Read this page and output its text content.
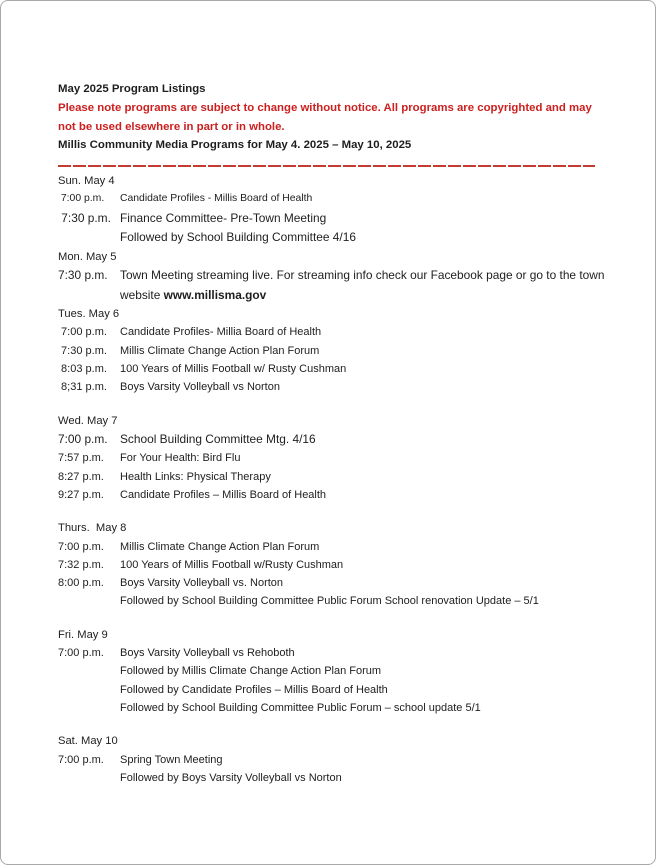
May 2025 Program Listings
Please note programs are subject to change without notice. All programs are copyrighted and may
not be used elsewhere in part or in whole.
Millis Community Media Programs for May 4. 2025 – May 10, 2025
Sun. May 4
7:00 p.m. Candidate Profiles - Millis Board of Health
7:30 p.m. Finance Committee- Pre-Town Meeting
Followed by School Building Committee 4/16
Mon. May 5
7:30 p.m. Town Meeting streaming live. For streaming info check our Facebook page or go to the town
website www.millisma.gov
Tues. May 6
7:00 p.m. Candidate Profiles- Millia Board of Health
7:30 p.m. Millis Climate Change Action Plan Forum
8:03 p.m. 100 Years of Millis Football w/ Rusty Cushman
8;31 p.m. Boys Varsity Volleyball vs Norton
Wed. May 7
7:00 p.m. School Building Committee Mtg. 4/16
7:57 p.m. For Your Health: Bird Flu
8:27 p.m. Health Links: Physical Therapy
9:27 p.m. Candidate Profiles – Millis Board of Health
Thurs.  May 8
7:00 p.m. Millis Climate Change Action Plan Forum
7:32 p.m. 100 Years of Millis Football w/Rusty Cushman
8:00 p.m. Boys Varsity Volleyball vs. Norton
Followed by School Building Committee Public Forum School renovation Update – 5/1
Fri. May 9
7:00 p.m. Boys Varsity Volleyball vs Rehoboth
Followed by Millis Climate Change Action Plan Forum
Followed by Candidate Profiles – Millis Board of Health
Followed by School Building Committee Public Forum – school update 5/1
Sat. May 10
7:00 p.m. Spring Town Meeting
Followed by Boys Varsity Volleyball vs Norton
